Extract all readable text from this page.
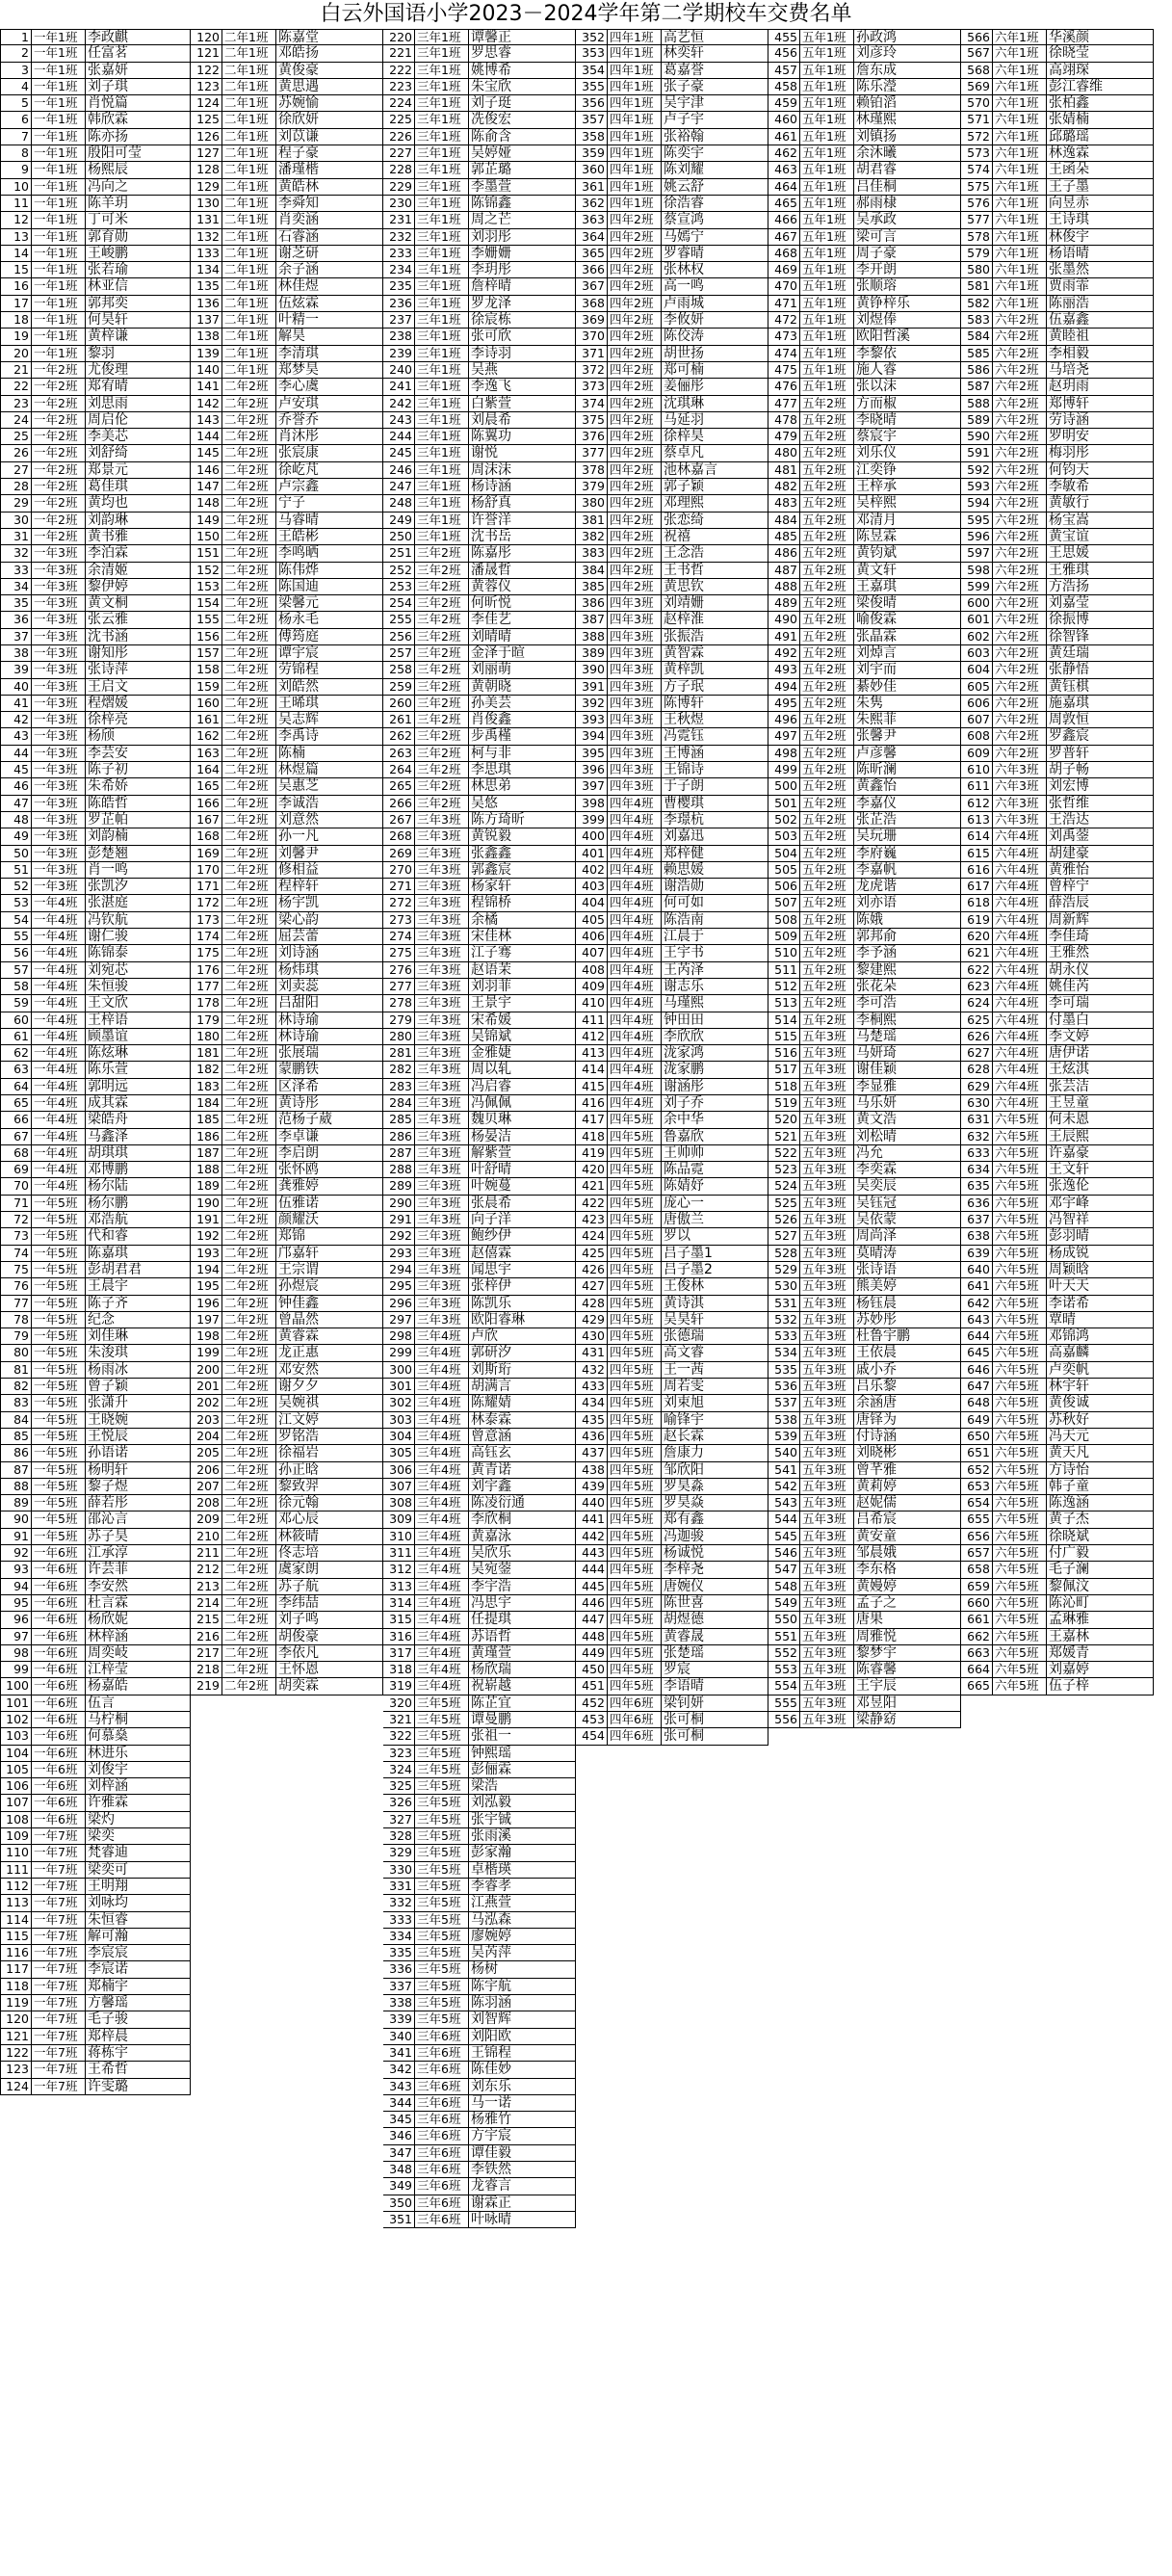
白云外国语小学2023－2024学年第二学期校车交费名单
1 一年1班 李政麒
2 一年1班 任富茗
3 一年1班 张嘉妍
4 一年1班 刘子琪
5 一年1班 肖悦篇
6 一年1班 韩欣霖
7 一年1班 陈亦扬
8 一年1班 殷阳可莹
9 一年1班 杨熙辰
10 一年1班 冯向之
11 一年1班 陈羊玥
12 一年1班 丁可米
13 一年1班 郭育勋
14 一年1班 王峻鹏
15 一年1班 张若瑜
16 一年1班 林亚信
17 一年1班 郭邦奕
18 一年1班 何昊轩
19 一年1班 黄梓谦
20 一年1班 黎羽
21 一年2班 尤俊理
22 一年2班 郑宥晴
23 一年2班 刘思雨
24 一年2班 周启伦
25 一年2班 李美芯
26 一年2班 刘舒绮
27 一年2班 郑景元
28 一年2班 葛佳琪
29 一年2班 黄均也
30 一年2班 刘韵琳
31 一年2班 黄书雅
32 一年3班 李泊霖
33 一年3班 余清姬
34 一年3班 黎伊婷
35 一年3班 黄文桐
36 一年3班 张云雅
37 一年3班 沈书涵
38 一年3班 谢知彤
39 一年3班 张诗萍
40 一年3班 王启文
41 一年3班 程熠媛
42 一年3班 徐梓亮
43 一年3班 杨颀
44 一年3班 李芸安
45 一年3班 陈子初
46 一年3班 朱希娇
47 一年3班 陈皓哲
48 一年3班 罗芷帕
49 一年3班 刘韵楠
50 一年3班 彭楚翘
51 一年3班 肖一鸣
52 一年3班 张凯汐
53 一年4班 张湛庭
54 一年4班 冯钦航
55 一年4班 谢仁骏
56 一年4班 陈锦泰
57 一年4班 刘宛芯
58 一年4班 朱恒骏
59 一年4班 王文欣
60 一年4班 王梓语
61 一年4班 顾墨谊
62 一年4班 陈炫琳
63 一年4班 陈乐萱
64 一年4班 郭明远
65 一年4班 成其霖
66 一年4班 梁皓舟
67 一年4班 马鑫泽
68 一年4班 胡琪琪
69 一年4班 邓博鹏
70 一年4班 杨尔陆
71 一年5班 杨尔鹏
72 一年5班 邓浩航
73 一年5班 代和睿
74 一年5班 陈嘉琪
75 一年5班 彭胡君君
76 一年5班 王晨宇
77 一年5班 陈子齐
78 一年5班 纪念
79 一年5班 刘佳琳
80 一年5班 朱浚琪
81 一年5班 杨雨冰
82 一年5班 曾子颖
83 一年5班 张潇升
84 一年5班 王晓婉
85 一年5班 王悦辰
86 一年5班 孙语诺
87 一年5班 杨明轩
88 一年5班 黎子煜
89 一年5班 薛若彤
90 一年5班 邵沁言
91 一年5班 苏子昊
92 一年6班 江承淳
93 一年6班 许芸菲
94 一年6班 李安然
95 一年6班 杜言霖
96 一年6班 杨欣妮
97 一年6班 林梓涵
98 一年6班 周奕岐
99 一年6班 江梓莹
100 一年6班 杨嘉皓
101 一年6班 伍言
102 一年6班 马柠桐
103 一年6班 何慕燊
104 一年6班 林进乐
105 一年6班 刘俊宇
106 一年6班 刘梓涵
107 一年6班 许雅霖
108 一年6班 梁灼
109 一年7班 梁奕
110 一年7班 梵睿迪
111 一年7班 梁奕可
112 一年7班 王明翔
113 一年7班 刘咏均
114 一年7班 朱恒睿
115 一年7班 解可瀚
116 一年7班 李宸宸
117 一年7班 李宸诺
118 一年7班 郑楠宇
119 一年7班 方馨瑶
120 一年7班 毛子骏
121 一年7班 郑梓晨
122 一年7班 蒋栋宇
123 一年7班 王希哲
124 一年7班 许雯璐
120 二年1班 陈嘉堂
121 二年1班 邓皓扬
122 二年1班 黄俊豪
123 二年1班 黄思遇
124 二年1班 苏婉愉
125 二年1班 徐欣妍
126 二年1班 刘苡谦
127 二年1班 程子豪
128 二年1班 潘瑾楷
129 二年1班 黄皓林
130 二年1班 李舜知
131 二年1班 肖奕涵
132 二年1班 石睿涵
133 二年1班 谢芝研
134 二年1班 余子涵
135 二年1班 林佳煜
136 二年1班 伍炫霖
137 二年1班 叶精一
138 二年1班 解昊
139 二年1班 李清琪
140 二年1班 郑梦昊
141 二年2班 李心虞
142 二年2班 卢安琪
143 二年2班 乔誉乔
144 二年2班 肖沐彤
145 二年2班 张宸康
146 二年2班 徐屹芃
147 二年2班 卢宗鑫
148 二年2班 宁子
149 二年2班 马睿晴
150 二年2班 王皓彬
151 二年2班 李鸣晒
152 二年2班 陈伟烨
153 二年2班 陈国迪
154 二年2班 梁馨元
155 二年2班 杨永毛
156 二年2班 傅筠庭
157 二年2班 谭宇宸
158 二年2班 劳锦程
159 二年2班 刘皓然
160 二年2班 王晞琪
161 二年2班 吴志辉
162 二年2班 李禹诗
163 二年2班 陈楠
164 二年2班 林煜篇
165 二年2班 吴惠芝
166 二年2班 李诚浩
167 二年2班 刘意然
168 二年2班 孙一凡
169 二年2班 刘馨尹
170 二年2班 修相益
171 二年2班 程梓轩
172 二年2班 杨宇凯
173 二年2班 梁心韵
174 二年2班 屈芸蕾
175 二年2班 刘诗涵
176 二年2班 杨炜琪
177 二年2班 刘卖蕊
178 二年2班 吕甜阳
179 二年2班 林诗瑜
180 二年2班 林诗瑜
181 二年2班 张展瑞
182 二年2班 蒙鹏铁
183 二年2班 区泽希
184 二年2班 黄诗彤
185 二年2班 范杨子葳
186 二年2班 李卓谦
187 二年2班 李启朗
188 二年2班 张怀鸥
189 二年2班 龚雅婷
190 二年2班 伍雅诺
191 二年2班 颜耀沃
192 二年2班 郑锦
193 二年2班 邝嘉轩
194 二年2班 王宗谓
195 二年2班 孙煜宸
196 二年2班 钟佳鑫
197 二年2班 曾晶然
198 二年2班 黄睿霖
199 二年2班 龙正惠
200 二年2班 邓安然
201 二年2班 谢夕夕
202 二年2班 吴婉祺
203 二年2班 江文婷
204 二年2班 罗铭浩
205 二年2班 徐福岩
206 二年2班 孙正晗
207 二年2班 黎致羿
208 二年2班 徐元翰
209 二年2班 邓心辰
210 二年2班 林筱晴
211 二年2班 佟志培
212 二年2班 虞家朗
213 二年2班 苏子航
214 二年2班 李纬喆
215 二年2班 刘子鸣
216 二年2班 胡俊豪
217 二年2班 李依凡
218 二年2班 王怀恩
219 二年2班 胡奕霖
220 三年1班 谭馨正
221 三年1班 罗思睿
222 三年1班 姚博希
223 三年1班 朱宝欣
224 三年1班 刘子珽
225 三年1班 冼俊宏
226 三年1班 陈俞含
227 三年1班 吴婷娅
228 三年1班 郭芷璐
229 三年1班 李墨萱
230 三年1班 陈锦鑫
231 三年1班 周之芒
232 三年1班 刘羽彤
233 三年1班 李姗姗
234 三年1班 李玥彤
235 三年1班 詹梓晴
236 三年1班 罗龙泽
237 三年1班 徐宸栋
238 三年1班 张可欣
239 三年1班 李诗羽
240 三年1班 吴燕
241 三年1班 李逸飞
242 三年1班 白紫萱
243 三年1班 刘晨希
244 三年1班 陈翼功
245 三年1班 谢悦
246 三年1班 周沫沫
247 三年1班 杨诗涵
248 三年1班 杨舒真
249 三年1班 许誉洋
250 三年1班 沈书岳
251 三年2班 陈嘉彤
252 三年2班 潘晟哲
253 三年2班 黄蓉仪
254 三年2班 何昕悦
255 三年2班 李佳艺
256 三年2班 刘晴晴
257 三年2班 金泽于暄
258 三年2班 刘丽萌
259 三年2班 黄朝晓
260 三年2班 孙美芸
261 三年2班 肖俊鑫
262 三年2班 步禹槿
263 三年2班 柯与非
264 三年2班 李思琪
265 三年2班 林思弟
266 三年2班 吴悠
267 三年3班 陈方琦昕
268 三年3班 黄锐毅
269 三年3班 张鑫鑫
270 三年3班 郭鑫宸
271 三年3班 杨家轩
272 三年3班 程锦桥
273 三年3班 余橘
274 三年3班 宋佳林
275 三年3班 江子骞
276 三年3班 赵语茉
277 三年3班 刘羽菲
278 三年3班 王景宇
279 三年3班 宋希媛
280 三年3班 吴锦斌
281 三年3班 金雅婕
282 三年3班 周以轧
283 三年3班 冯启睿
284 三年3班 冯佩佩
285 三年3班 魏贝琳
286 三年3班 杨晏洁
287 三年3班 解紫萱
288 三年3班 叶舒晴
289 三年3班 叶婉蔓
290 三年3班 张晨希
291 三年3班 向子洋
292 三年3班 鲍纱伊
293 三年3班 赵僖霖
294 三年3班 闻思宇
295 三年3班 张梓伊
296 三年3班 陈凯乐
297 三年3班 欧阳睿琳
298 三年4班 卢欣
299 三年4班 郭研汐
300 三年4班 刘斯珩
301 三年4班 胡满言
302 三年4班 陈耀婧
303 三年4班 林泰霖
304 三年4班 曾意涵
305 三年4班 高钰玄
306 三年4班 黄青诺
307 三年4班 刘宇鑫
308 三年4班 陈凌衍通
309 三年4班 李欣桐
310 三年4班 黄嘉泳
311 三年4班 吴欣乐
312 三年4班 吴宛蓥
313 三年4班 李宇浩
314 三年4班 冯思宇
315 三年4班 任提琪
316 三年4班 苏语哲
317 三年4班 黄瑾萱
318 三年4班 杨欣瑞
319 三年4班 祝崭越
320 三年5班 陈芷宜
321 三年5班 谭曼鹏
322 三年5班 张祖一
323 三年5班 钟熙瑶
324 三年5班 彭俪霖
325 三年5班 梁浩
326 三年5班 刘泓毅
327 三年5班 张宇铖
328 三年5班 张雨溪
329 三年5班 彭家瀚
330 三年5班 卓楷瑛
331 三年5班 李睿孝
332 三年5班 江燕萱
333 三年5班 马泓森
334 三年5班 廖婉婷
335 三年5班 吴芮萍
336 三年5班 杨树
337 三年5班 陈宇航
338 三年5班 陈羽涵
339 三年5班 刘智辉
340 三年6班 刘阳欧
341 三年6班 王锦程
342 三年6班 陈佳妙
343 三年6班 刘东乐
344 三年6班 马一诺
345 三年6班 杨雅竹
346 三年6班 方宇宸
347 三年6班 谭佳毅
348 三年6班 李铁然
349 三年6班 龙睿言
350 三年6班 谢霖正
351 三年6班 叶咏晴
352 四年1班 高艺恒
353 四年1班 林奕轩
354 四年1班 葛嘉誉
355 四年1班 张子豪
356 四年1班 吴宇津
357 四年1班 卢子宇
358 四年1班 张裕翰
359 四年1班 陈奕宇
360 四年1班 陈刘耀
361 四年1班 姚云舒
362 四年1班 徐浩睿
363 四年2班 蔡宣鸿
364 四年2班 马嫣宁
365 四年2班 罗睿晴
366 四年2班 张林权
367 四年2班 高一鸣
368 四年2班 卢雨城
369 四年2班 李攸妍
370 四年2班 陈佼涛
371 四年2班 胡世扬
372 四年2班 郑可楠
373 四年2班 姜俪彤
374 四年2班 沈琪琳
375 四年2班 马延羽
376 四年2班 徐梓昊
377 四年2班 蔡卓凡
378 四年2班 池林嘉言
379 四年2班 郭子颖
380 四年2班 邓理熙
381 四年2班 张恋绮
382 四年2班 祝禧
383 四年2班 王念浩
384 四年2班 王书哲
385 四年2班 黄思钦
386 四年3班 刘靖姗
387 四年3班 赵梓淮
388 四年3班 张振浩
389 四年3班 黄智霖
390 四年3班 黄梓凯
391 四年3班 方子珉
392 四年3班 陈博轩
393 四年3班 王秋煜
394 四年3班 冯霓钰
395 四年3班 王博涵
396 四年3班 王锦诗
397 四年3班 于子朗
398 四年4班 曹樱琪
399 四年4班 李璟杭
400 四年4班 刘嘉迅
401 四年4班 郑梓健
402 四年4班 赖思媛
403 四年4班 谢浩勋
404 四年4班 何可如
405 四年4班 陈浩南
406 四年4班 江晨于
407 四年4班 王宇书
408 四年4班 王芮泽
409 四年4班 谢志乐
410 四年4班 马瑾熙
411 四年4班 钟田田
412 四年4班 李欣欣
413 四年4班 泷家鸿
414 四年4班 泷家鹏
415 四年4班 谢涵彤
416 四年4班 刘子乔
417 四年5班 余中华
418 四年5班 鲁嘉欣
419 四年5班 王帅帅
420 四年5班 陈品霓
421 四年5班 陈婧妤
422 四年5班 庞心一
423 四年5班 唐傲兰
424 四年5班 罗以
425 四年5班 吕子墨1
426 四年5班 吕子墨2
427 四年5班 王俊林
428 四年5班 黄诗淇
429 四年5班 吴昊轩
430 四年5班 张德瑞
431 四年5班 高文睿
432 四年5班 王一茜
433 四年5班 周若雯
434 四年5班 刘束旭
435 四年5班 喻锋宇
436 四年5班 赵长霖
437 四年5班 詹康力
438 四年5班 邹欣阳
439 四年5班 罗昊淼
440 四年5班 罗昊焱
441 四年5班 郑有鑫
442 四年5班 冯迦骏
443 四年5班 杨诚悦
444 四年5班 李梓尧
445 四年5班 唐婉仪
446 四年5班 陈世喜
447 四年5班 胡煜德
448 四年5班 黄睿晟
449 四年5班 张楚瑶
450 四年5班 罗宸
451 四年5班 李语晴
452 四年6班 梁钊妍
453 四年6班 张可桐
454 四年6班 张可桐
455 五年1班 孙政鸿
456 五年1班 刘彦玲
457 五年1班 詹东成
458 五年1班 陈乐瀅
459 五年1班 赖铂滔
460 五年1班 林瑾熙
461 五年1班 刘镇扬
462 五年1班 余沐曦
463 五年1班 胡君睿
464 五年1班 吕佳桐
465 五年1班 郝雨棣
466 五年1班 吴承政
467 五年1班 梁可言
468 五年1班 周子豪
469 五年1班 李开朗
470 五年1班 张顺瑢
471 五年1班 黄铮梓乐
472 五年1班 刘煜俸
473 五年1班 欧阳哲溪
474 五年1班 李黎依
475 五年1班 施人睿
476 五年1班 张以沫
477 五年2班 方而椒
478 五年2班 李晓晴
479 五年2班 蔡宸宇
480 五年2班 刘乐仪
481 五年2班 江奕铮
482 五年2班 王梓承
483 五年2班 吴梓熙
484 五年2班 邓清月
485 五年2班 陈昱霖
486 五年2班 黄钧斌
487 五年2班 黄文轩
488 五年2班 王嘉琪
489 五年2班 梁俊晴
490 五年2班 喻俊霖
491 五年2班 张晶霖
492 五年2班 刘焯言
493 五年2班 刘宇而
494 五年2班 綦妙佳
495 五年2班 朱隽
496 五年2班 朱熙菲
497 五年2班 张馨尹
498 五年2班 卢彦馨
499 五年2班 陈昕澜
500 五年2班 黄鑫怡
501 五年2班 李嘉仪
502 五年2班 张芷浩
503 五年2班 吴玩珊
504 五年2班 李府巍
505 五年2班 李嘉帆
506 五年2班 龙虎谐
507 五年2班 刘亦语
508 五年2班 陈娥
509 五年2班 郭邦俞
510 五年2班 李予涵
511 五年2班 黎建熙
512 五年2班 张花朵
513 五年2班 李可浩
514 五年2班 李桐熙
515 五年3班 马楚瑶
516 五年3班 马妍琦
517 五年3班 谢佳颖
518 五年3班 李显雅
519 五年3班 马乐妍
520 五年3班 黄文浩
521 五年3班 刘松晴
522 五年3班 冯允
523 五年3班 李奕霖
524 五年3班 吴奕辰
525 五年3班 吴钰冠
526 五年3班 吴依蒙
527 五年3班 周尚泽
528 五年3班 莫晴涛
529 五年3班 张诗语
530 五年3班 熊美婷
531 五年3班 杨钰晨
532 五年3班 苏妙彤
533 五年3班 杜鲁宇鹏
534 五年3班 王依晨
535 五年3班 戚小乔
536 五年3班 吕乐黎
537 五年3班 余涵唐
538 五年3班 唐铎为
539 五年3班 付诗涵
540 五年3班 刘晓彬
541 五年3班 曾芊雅
542 五年3班 黄莉婷
543 五年3班 赵妮儒
544 五年3班 吕希宸
545 五年3班 黄安童
546 五年3班 邹晨娥
547 五年3班 李东格
548 五年3班 黄嫚婷
549 五年3班 孟子之
550 五年3班 唐果
551 五年3班 周雅悦
552 五年3班 黎梦宇
553 五年3班 陈睿馨
554 五年3班 王宇辰
555 五年3班 邓昱阳
556 五年3班 梁静窈
566 六年1班 华溪颜
567 六年1班 徐晓莹
568 六年1班 高翊琛
569 六年1班 彭江睿维
570 六年1班 张柏鑫
571 六年1班 张婧楠
572 六年1班 邱璐瑶
573 六年1班 林逸霖
574 六年1班 王函朵
575 六年1班 王子墨
576 六年1班 向昱赤
577 六年1班 王诗琪
578 六年1班 林俊宇
579 六年1班 杨语晴
580 六年1班 张墨然
581 六年1班 贾雨霏
582 六年1班 陈丽浩
583 六年2班 伍嘉鑫
584 六年2班 黄睦祖
585 六年2班 李相毅
586 六年2班 马培尧
587 六年2班 赵玥雨
588 六年2班 郑博轩
589 六年2班 劳诗涵
590 六年2班 罗明安
591 六年2班 梅羽彤
592 六年2班 何钧天
593 六年2班 李敏希
594 六年2班 黄敏行
595 六年2班 杨宝嵩
596 六年2班 黄宝谊
597 六年2班 王思媛
598 六年2班 王雅琪
599 六年2班 方浩扬
600 六年2班 刘嘉莹
601 六年2班 徐振博
602 六年2班 徐智锋
603 六年2班 黄廷瑞
604 六年2班 张静悟
605 六年2班 黄钰棋
606 六年2班 施嘉琪
607 六年2班 周敦恒
608 六年2班 罗鑫宸
609 六年2班 罗普轩
610 六年3班 胡子畅
611 六年3班 刘宏博
612 六年3班 张哲维
613 六年3班 王浩达
614 六年4班 刘禹蓥
615 六年4班 胡建豪
616 六年4班 黄雅怡
617 六年4班 曾梓宁
618 六年4班 薛浩辰
619 六年4班 周新辉
620 六年4班 李佳琦
621 六年4班 王雅然
622 六年4班 胡永仪
623 六年4班 姚佳芮
624 六年4班 李可瑞
625 六年4班 付墨白
626 六年4班 李文婷
627 六年4班 唐伊诺
628 六年4班 王炫淇
629 六年4班 张芸洁
630 六年4班 王昱童
631 六年5班 何未恩
632 六年5班 王辰熙
633 六年5班 许嘉豪
634 六年5班 王文轩
635 六年5班 张逸伦
636 六年5班 邓宇峰
637 六年5班 冯智祥
638 六年5班 彭羽晴
639 六年5班 杨成锐
640 六年5班 周颖晗
641 六年5班 叶天天
642 六年5班 李诺希
643 六年5班 覃晴
644 六年5班 邓锦鸿
645 六年5班 高嘉麟
646 六年5班 卢奕帆
647 六年5班 林宇轩
648 六年5班 黄俊诚
649 六年5班 苏秋好
650 六年5班 冯天元
651 六年5班 黄天凡
652 六年5班 方诗怡
653 六年5班 韩子童
654 六年5班 陈逸涵
655 六年5班 黄子杰
656 六年5班 徐晓斌
657 六年5班 付广毅
658 六年5班 毛子澜
659 六年5班 黎佩汶
660 六年5班 陈沁町
661 六年5班 孟琳雅
662 六年5班 王嘉林
663 六年5班 郑媛青
664 六年5班 刘嘉婷
665 六年5班 伍子梓
